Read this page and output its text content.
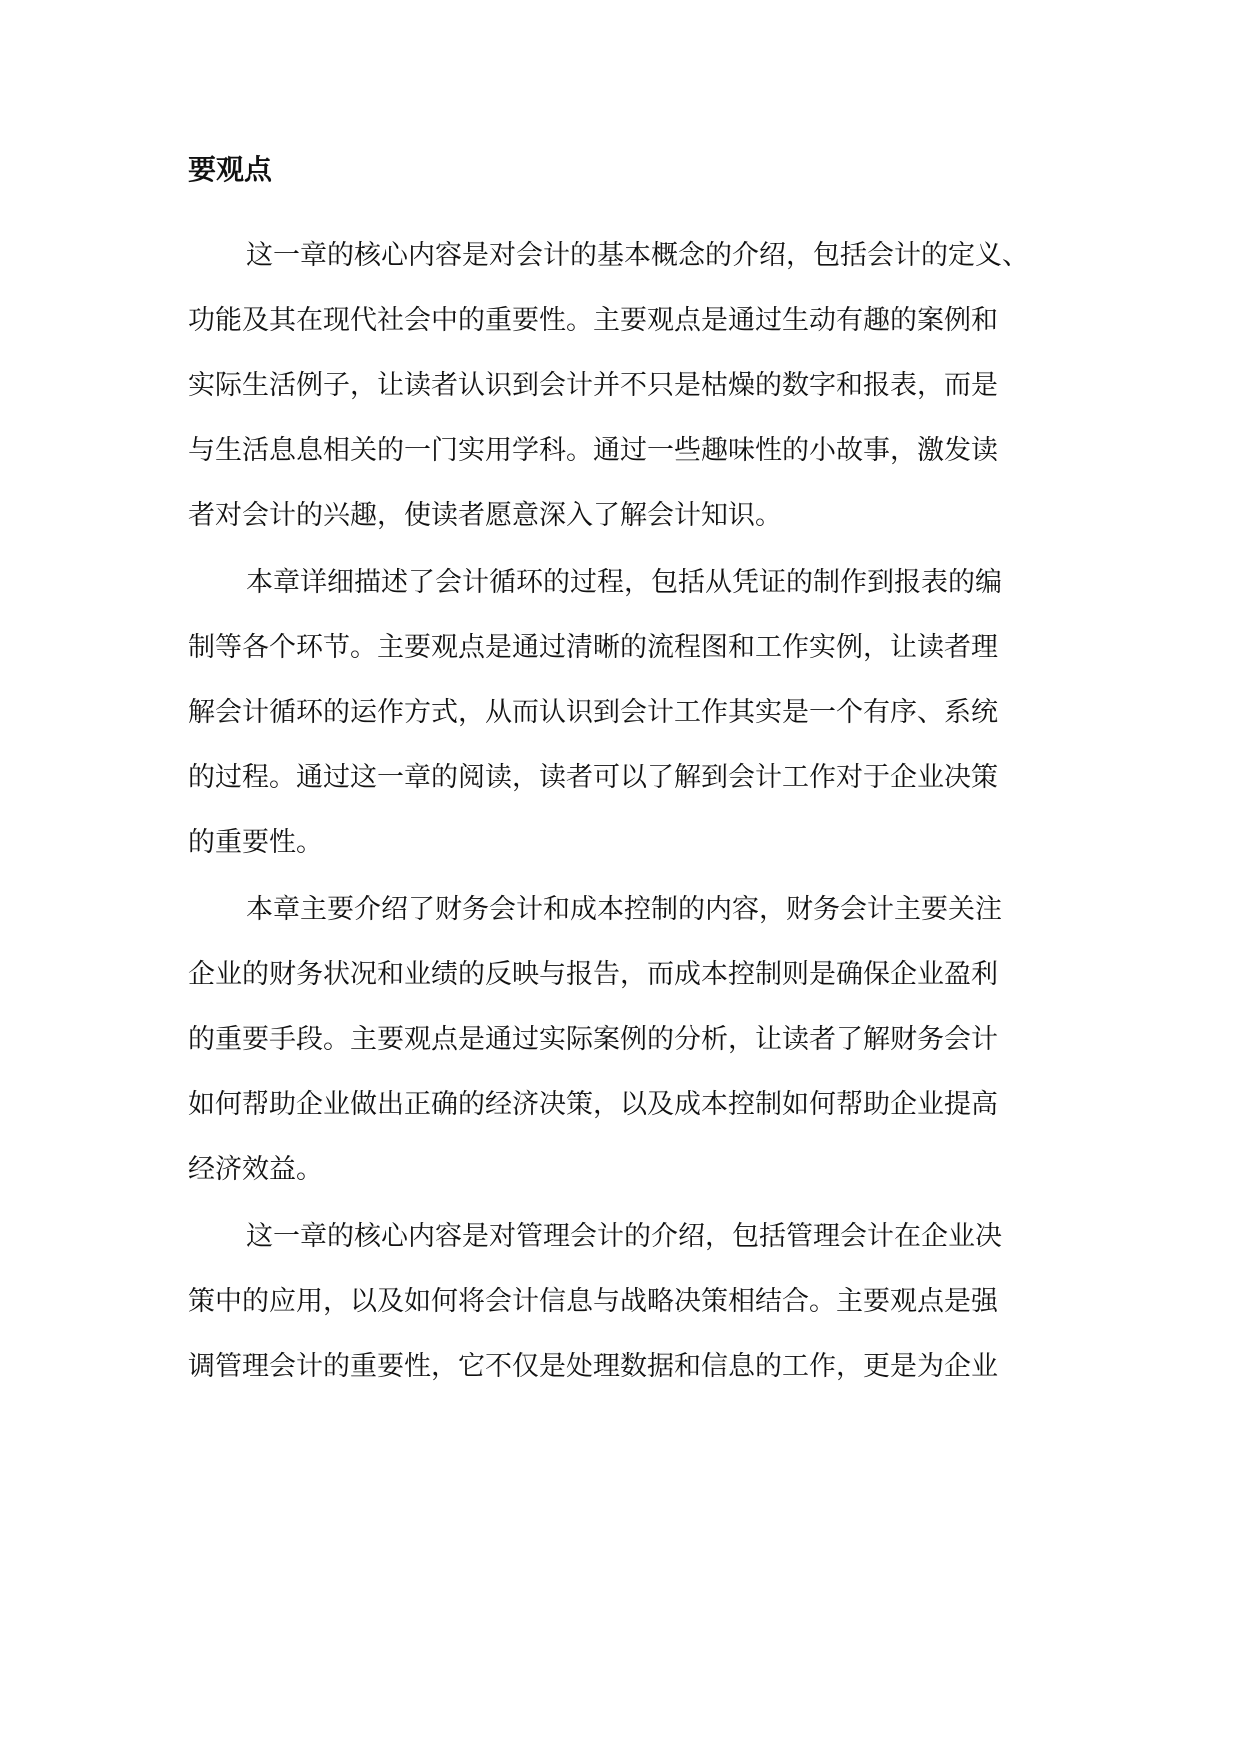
要观点

这一章的核心内容是对会计的基本概念的介绍，包括会计的定义、
功能及其在现代社会中的重要性。主要观点是通过生动有趣的案例和
实际生活例子，让读者认识到会计并不只是枯燥的数字和报表，而是
与生活息息相关的一门实用学科。通过一些趣味性的小故事，激发读
者对会计的兴趣，使读者愿意深入了解会计知识。

本章详细描述了会计循环的过程，包括从凭证的制作到报表的编
制等各个环节。主要观点是通过清晰的流程图和工作实例，让读者理
解会计循环的运作方式，从而认识到会计工作其实是一个有序、系统
的过程。通过这一章的阅读，读者可以了解到会计工作对于企业决策
的重要性。

本章主要介绍了财务会计和成本控制的内容，财务会计主要关注
企业的财务状况和业绩的反映与报告，而成本控制则是确保企业盈利
的重要手段。主要观点是通过实际案例的分析，让读者了解财务会计
如何帮助企业做出正确的经济决策，以及成本控制如何帮助企业提高
经济效益。

这一章的核心内容是对管理会计的介绍，包括管理会计在企业决
策中的应用，以及如何将会计信息与战略决策相结合。主要观点是强
调管理会计的重要性，它不仅是处理数据和信息的工作，更是为企业
